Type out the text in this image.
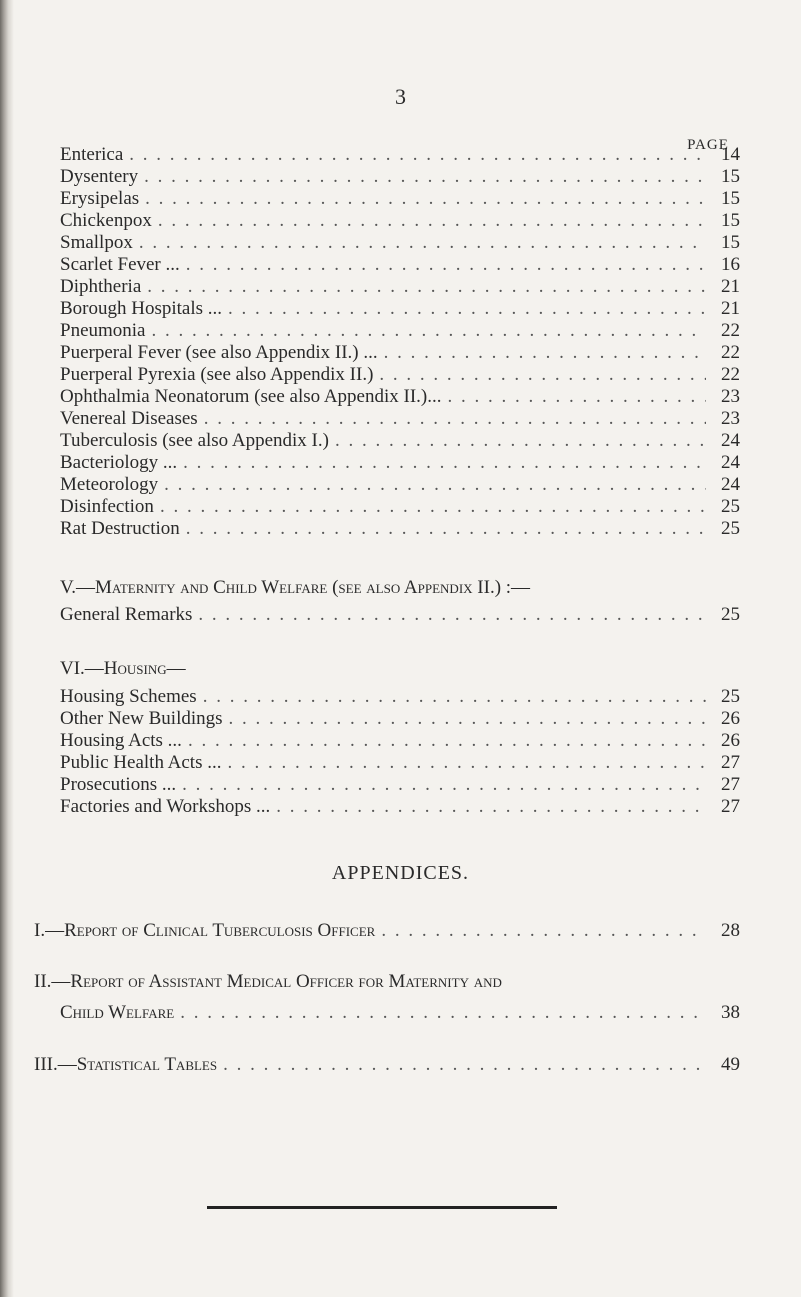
3
PAGE
Enterica . . .	14
Dysentery . . .	15
Erysipelas . . .	15
Chickenpox . . .	15
Smallpox . . .	15
Scarlet Fever ... . . .	16
Diphtheria . . .	21
Borough Hospitals ... . . .	21
Pneumonia . . .	22
Puerperal Fever (see also Appendix II.) ... . . .	22
Puerperal Pyrexia (see also Appendix II.) . . .	22
Ophthalmia Neonatorum (see also Appendix II.)... . . .	23
Venereal Diseases . . .	23
Tuberculosis (see also Appendix I.) . . .	24
Bacteriology ... . . .	24
Meteorology . . .	24
Disinfection . . .	25
Rat Destruction . . .	25
V.—Maternity and Child Welfare (see also Appendix II.) :—
General Remarks . . .	25
VI.—Housing—
Housing Schemes . . .	25
Other New Buildings . . .	26
Housing Acts ... . . .	26
Public Health Acts ... . . .	27
Prosecutions ... . . .	27
Factories and Workshops ... . . .	27
APPENDICES.
I.—Report of Clinical Tuberculosis Officer . . .	28
II.—Report of Assistant Medical Officer for Maternity and
Child Welfare . . .	38
III.—Statistical Tables . . .	49
